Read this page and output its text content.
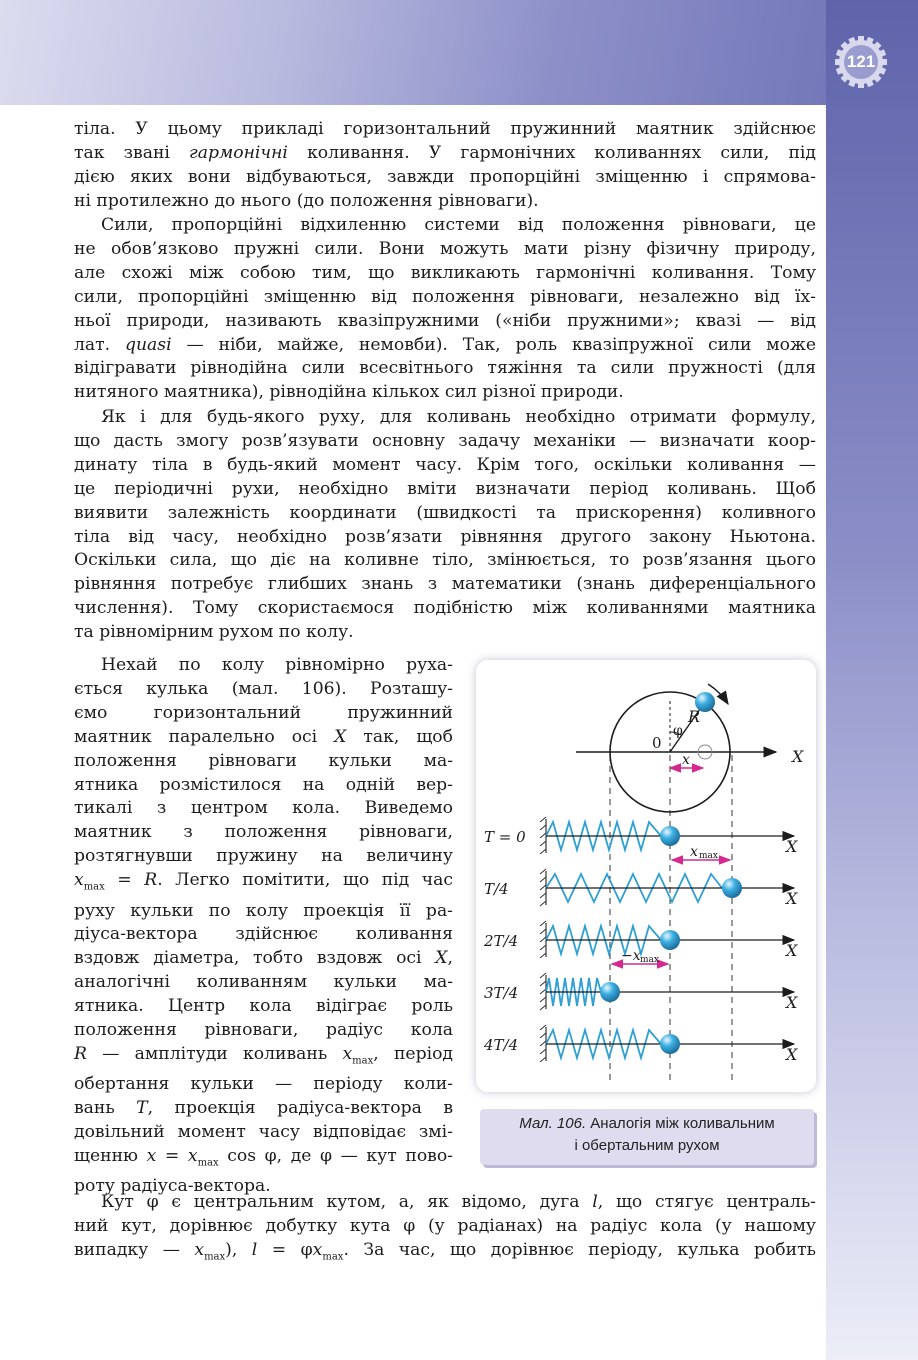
121

тіла. У цьому прикладі горизонтальний пружинний маятник здійснює

так звані гармонічні коливання. У гармонічних коливаннях сили, під

дією яких вони відбуваються, завжди пропорційні зміщенню і спрямова-

ні протилежно до нього (до положення рівноваги).

Сили, пропорційні відхиленню системи від положення рівноваги, це

не обов’язково пружні сили. Вони можуть мати різну фізичну природу,

але схожі між собою тим, що викликають гармонічні коливання. Тому

сили, пропорційні зміщенню від положення рівноваги, незалежно від їх-

ньої природи, називають квазіпружними («ніби пружними»; квазі — від

лат. quasi — ніби, майже, немовби). Так, роль квазіпружної сили може

відігравати рівнодійна сили всесвітнього тяжіння та сили пружності (для

нитяного маятника), рівнодійна кількох сил різної природи.

Як і для будь-якого руху, для коливань необхідно отримати формулу,

що дасть змогу розв’язувати основну задачу механіки — визначати коор-

динату тіла в будь-який момент часу. Крім того, оскільки коливання —

це періодичні рухи, необхідно вміти визначати період коливань. Щоб

виявити залежність координати (швидкості та прискорення) коливного

тіла від часу, необхідно розв’язати рівняння другого закону Ньютона.

Оскільки сила, що діє на коливне тіло, змінюється, то розв’язання цього

рівняння потребує глибших знань з математики (знань диференціального

числення). Тому скористаємося подібністю між коливаннями маятника

та рівномірним рухом по колу.

Нехай по колу рівномірно руха-

ється кулька (мал. 106). Розташу-

ємо горизонтальний пружинний

маятник паралельно осі X так, щоб

положення рівноваги кульки ма-

ятника розмістилося на одній вер-

тикалі з центром кола. Виведемо

маятник з положення рівноваги,

розтягнувши пружину на величину

$x_{max} = R$. Легко помітити, що під час

руху кульки по колу проекція її ра-

діуса-вектора здійснює коливання

вздовж діаметра, тобто вздовж осі X,

аналогічні коливанням кульки ма-

ятника. Центр кола відіграє роль

положення рівноваги, радіус кола

R — амплітуди коливань $x_{max}$, період

обертання кульки — періоду коли-

вань T, проекція радіуса-вектора в

довільний момент часу відповідає змі-

щенню $x = x_{max}$ cos φ, де φ — кут пово-

роту радіуса-вектора.

Кут φ є центральним кутом, а, як відомо, дуга l, що стягує централь-

ний кут, дорівнює добутку кута φ (у радіанах) на радіус кола (у нашому

випадку — $x_{max}$), $l = \varphi x_{max}$. За час, що дорівнює періоду, кулька робить

0
φ
R
X
x
T = 0	X
x max
T/4	X
2T/4	X
−x max
3T/4	X
4T/4	X
Мал. 106. Аналогія між коливальним
і обертальним рухом
